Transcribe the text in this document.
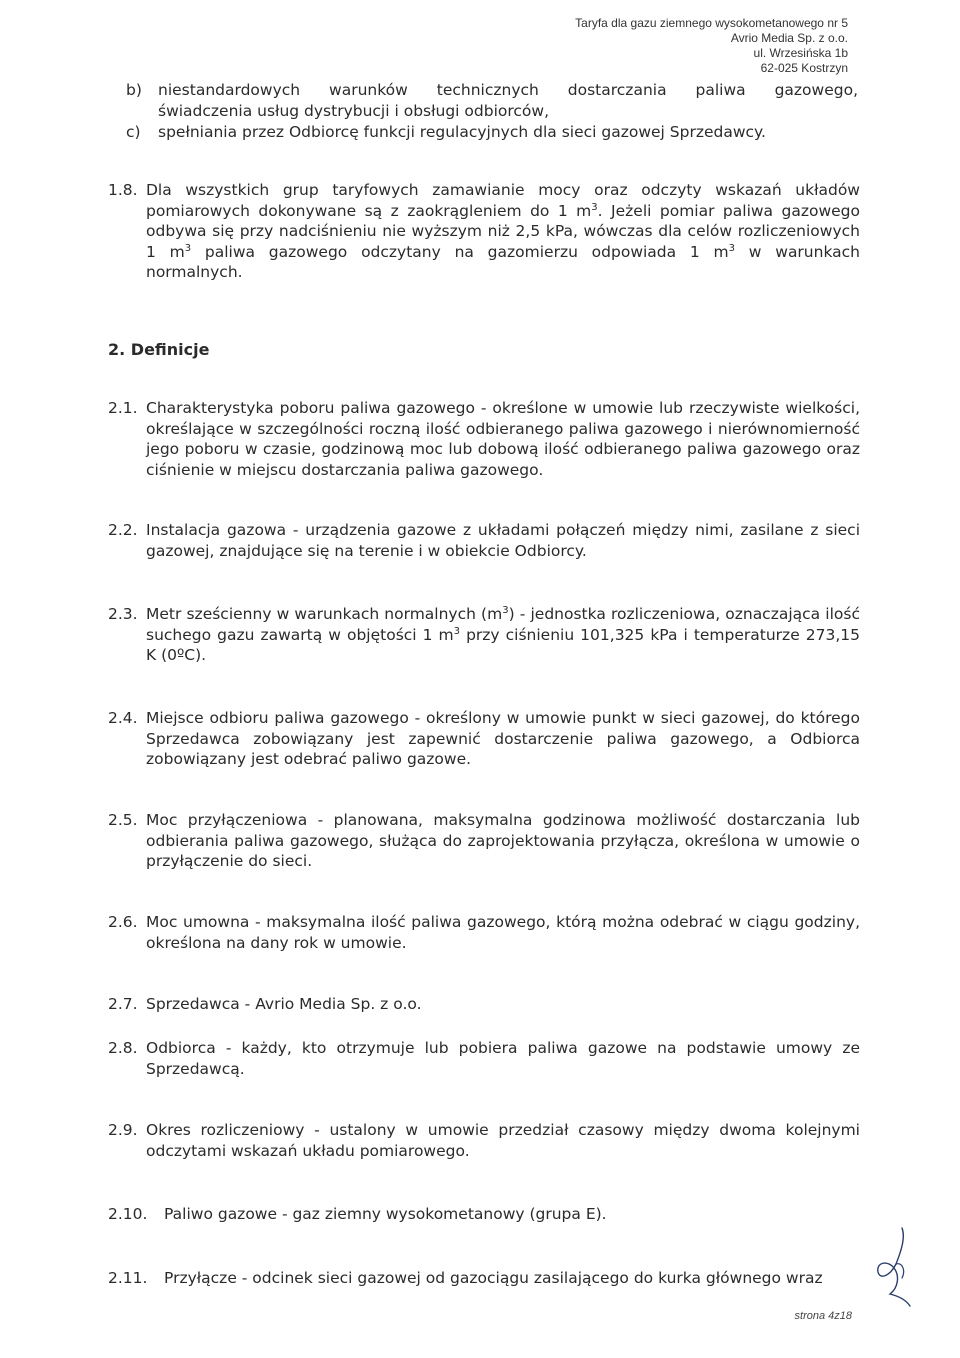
Taryfa dla gazu ziemnego wysokometanowego nr 5
Avrio Media Sp. z o.o.
ul. Wrzesińska 1b
62-025 Kostrzyn
b) niestandardowych warunków technicznych dostarczania paliwa gazowego,
świadczenia usług dystrybucji i obsługi odbiorców,
c) spełniania przez Odbiorcę funkcji regulacyjnych dla sieci gazowej Sprzedawcy.
1.8. Dla wszystkich grup taryfowych zamawianie mocy oraz odczyty wskazań układów pomiarowych dokonywane są z zaokrągleniem do 1 $m^3$. Jeżeli pomiar paliwa gazowego odbywa się przy nadciśnieniu nie wyższym niż 2,5 kPa, wówczas dla celów rozliczeniowych 1 $m^3$ paliwa gazowego odczytany na gazomierzu odpowiada 1 $m^3$ w warunkach normalnych.
2. Definicje
2.1. Charakterystyka poboru paliwa gazowego - określone w umowie lub rzeczywiste wielkości, określające w szczególności roczną ilość odbieranego paliwa gazowego i nierównomierność jego poboru w czasie, godzinową moc lub dobową ilość odbieranego paliwa gazowego oraz ciśnienie w miejscu dostarczania paliwa gazowego.
2.2. Instalacja gazowa - urządzenia gazowe z układami połączeń między nimi, zasilane z sieci gazowej, znajdujące się na terenie i w obiekcie Odbiorcy.
2.3. Metr sześcienny w warunkach normalnych $(m^3)$ - jednostka rozliczeniowa, oznaczająca ilość suchego gazu zawartą w objętości 1 $m^3$ przy ciśnieniu 101,325 kPa i temperaturze 273,15 K (0ºC).
2.4. Miejsce odbioru paliwa gazowego - określony w umowie punkt w sieci gazowej, do którego Sprzedawca zobowiązany jest zapewnić dostarczenie paliwa gazowego, a Odbiorca zobowiązany jest odebrać paliwo gazowe.
2.5. Moc przyłączeniowa - planowana, maksymalna godzinowa możliwość dostarczania lub odbierania paliwa gazowego, służąca do zaprojektowania przyłącza, określona w umowie o przyłączenie do sieci.
2.6. Moc umowna - maksymalna ilość paliwa gazowego, którą można odebrać w ciągu godziny, określona na dany rok w umowie.
2.7. Sprzedawca - Avrio Media Sp. z o.o.
2.8. Odbiorca - każdy, kto otrzymuje lub pobiera paliwa gazowe na podstawie umowy ze Sprzedawcą.
2.9. Okres rozliczeniowy - ustalony w umowie przedział czasowy między dwoma kolejnymi odczytami wskazań układu pomiarowego.
2.10. Paliwo gazowe - gaz ziemny wysokometanowy (grupa E).
2.11. Przyłącze - odcinek sieci gazowej od gazociągu zasilającego do kurka głównego wraz
strona 4z18
